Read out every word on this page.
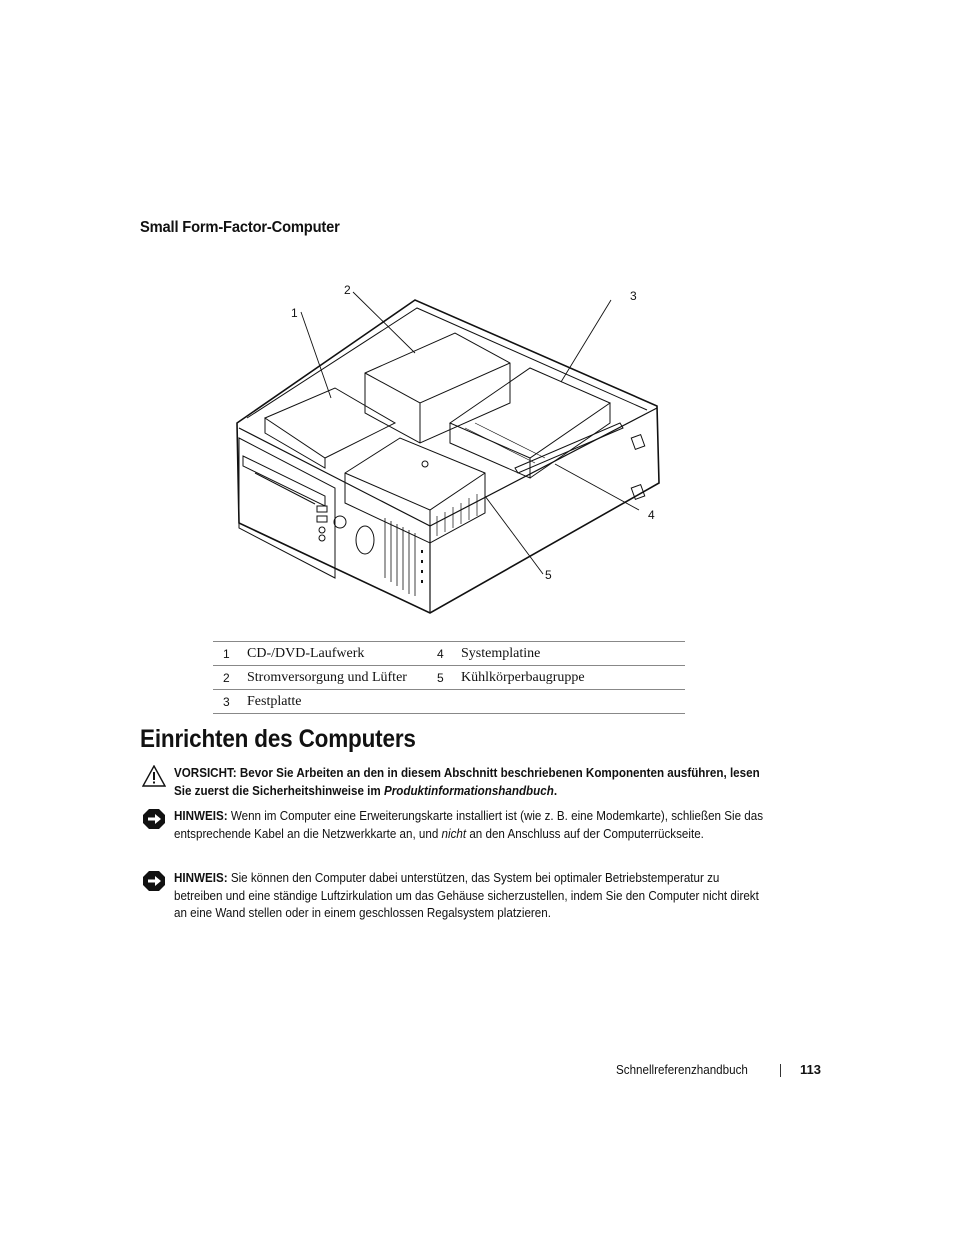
Small Form-Factor-Computer
1
2	3
4
5
1	CD-/DVD-Laufwerk	4	Systemplatine
2	Stromversorgung und Lüfter	5	Kühlkörperbaugruppe
3	Festplatte		
Einrichten des Computers
VORSICHT: Bevor Sie Arbeiten an den in diesem Abschnitt beschriebenen Komponenten ausführen, lesen Sie zuerst die Sicherheitshinweise im Produktinformationshandbuch.
HINWEIS: Wenn im Computer eine Erweiterungskarte installiert ist (wie z. B. eine Modemkarte), schließen Sie das entsprechende Kabel an die Netzwerkkarte an, und nicht an den Anschluss auf der Computerrückseite.
HINWEIS: Sie können den Computer dabei unterstützen, das System bei optimaler Betriebstemperatur zu betreiben und eine ständige Luftzirkulation um das Gehäuse sicherzustellen, indem Sie den Computer nicht direkt an eine Wand stellen oder in einem geschlossen Regalsystem platzieren.
Schnellreferenzhandbuch	113
